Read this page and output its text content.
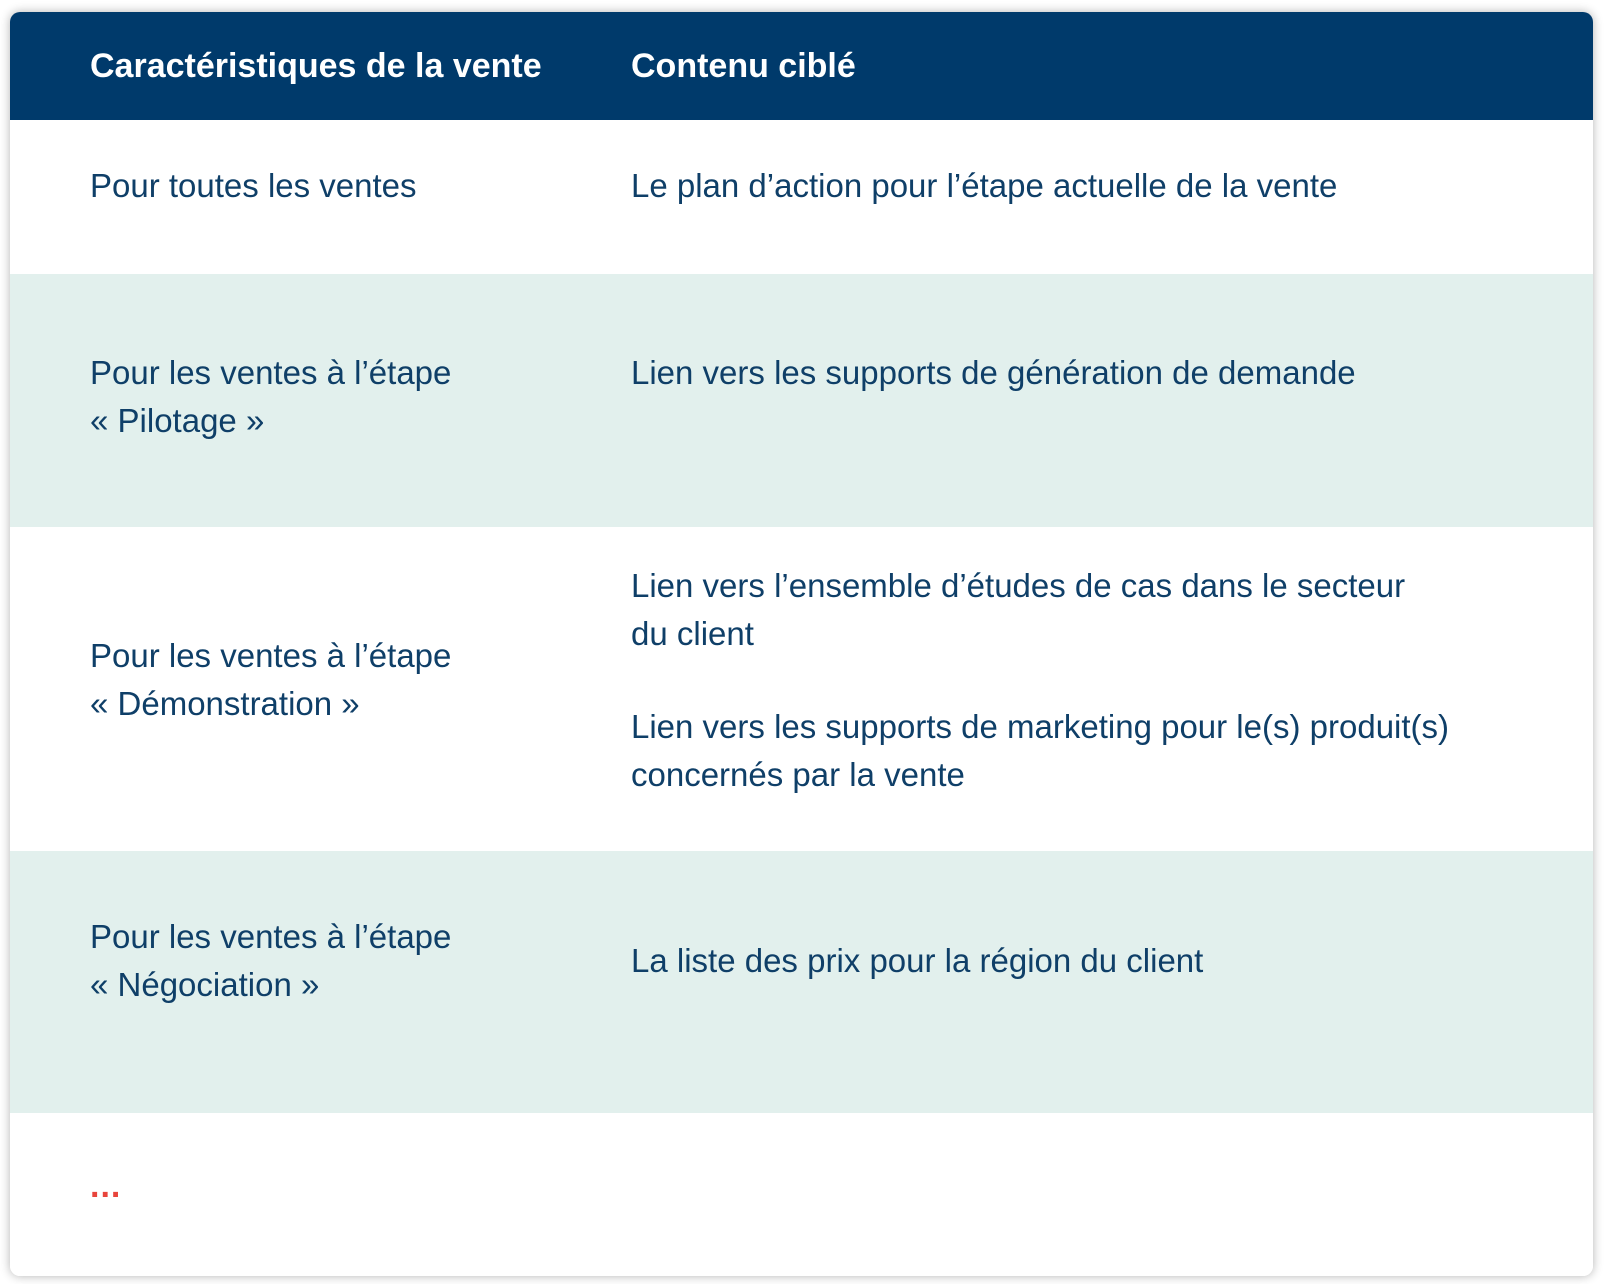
Caractéristiques de la vente	Contenu ciblé
Pour toutes les ventes	Le plan d’action pour l’étape actuelle de la vente
Pour les ventes à l’étape
« Pilotage »
Lien vers les supports de génération de demande
Pour les ventes à l’étape
« Démonstration »
Lien vers l’ensemble d’études de cas dans le secteur
du client
Lien vers les supports de marketing pour le(s) produit(s)
concernés par la vente
Pour les ventes à l’étape
« Négociation »
La liste des prix pour la région du client
...
